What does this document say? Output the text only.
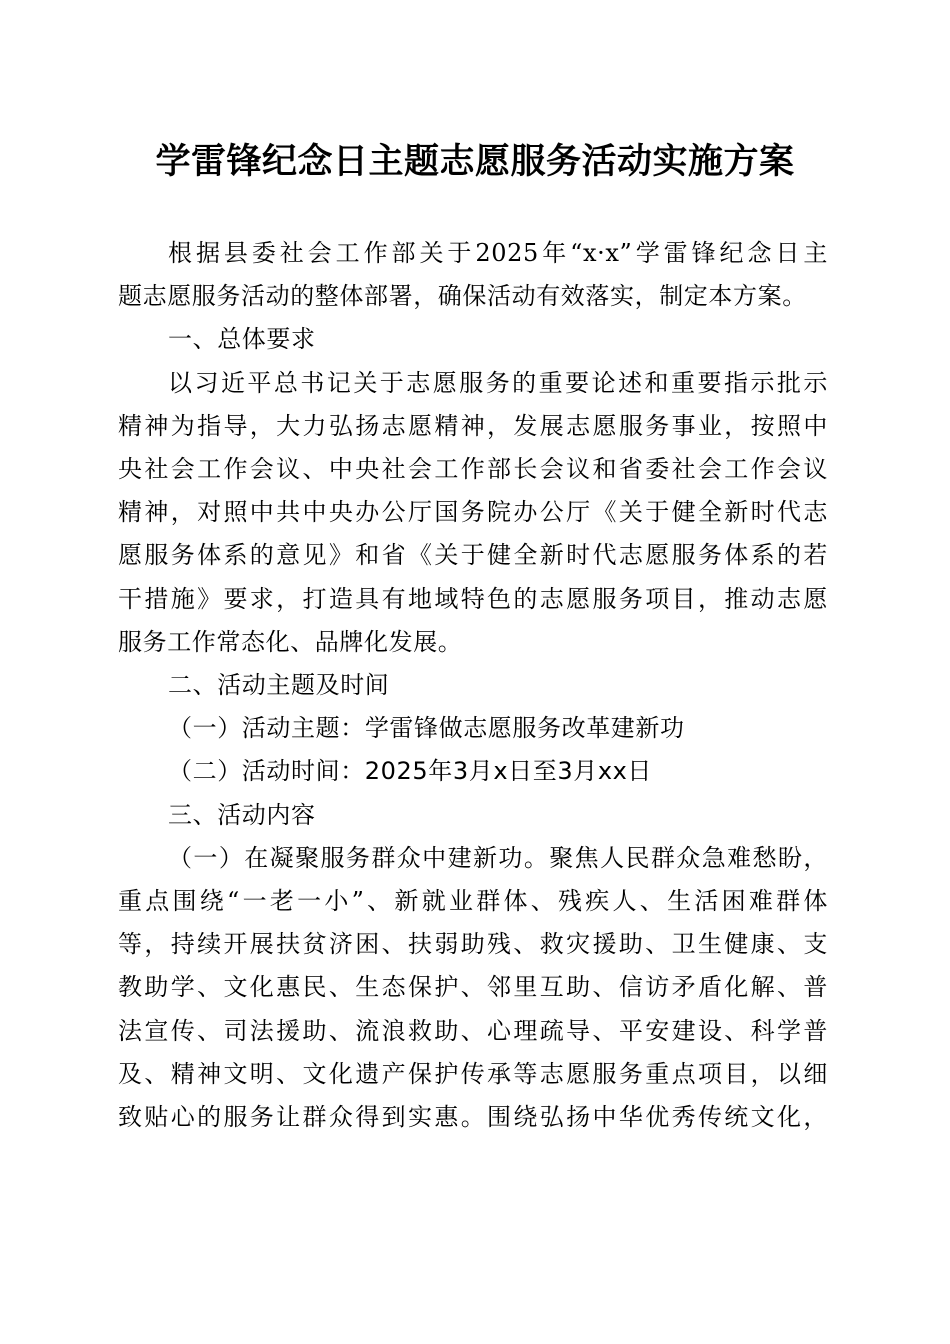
学雷锋纪念日主题志愿服务活动实施方案
根据县委社会工作部关于2025年“x·x”学雷锋纪念日主
题志愿服务活动的整体部署，确保活动有效落实，制定本方案。
一、总体要求
以习近平总书记关于志愿服务的重要论述和重要指示批示
精神为指导，大力弘扬志愿精神，发展志愿服务事业，按照中
央社会工作会议、中央社会工作部长会议和省委社会工作会议
精神，对照中共中央办公厅国务院办公厅《关于健全新时代志
愿服务体系的意见》和省《关于健全新时代志愿服务体系的若
干措施》要求，打造具有地域特色的志愿服务项目，推动志愿
服务工作常态化、品牌化发展。
二、活动主题及时间
（一）活动主题：学雷锋做志愿服务改革建新功
（二）活动时间：2025年3月x日至3月xx日
三、活动内容
（一）在凝聚服务群众中建新功。聚焦人民群众急难愁盼，
重点围绕“一老一小”、新就业群体、残疾人、生活困难群体
等，持续开展扶贫济困、扶弱助残、救灾援助、卫生健康、支
教助学、文化惠民、生态保护、邻里互助、信访矛盾化解、普
法宣传、司法援助、流浪救助、心理疏导、平安建设、科学普
及、精神文明、文化遗产保护传承等志愿服务重点项目，以细
致贴心的服务让群众得到实惠。围绕弘扬中华优秀传统文化，
